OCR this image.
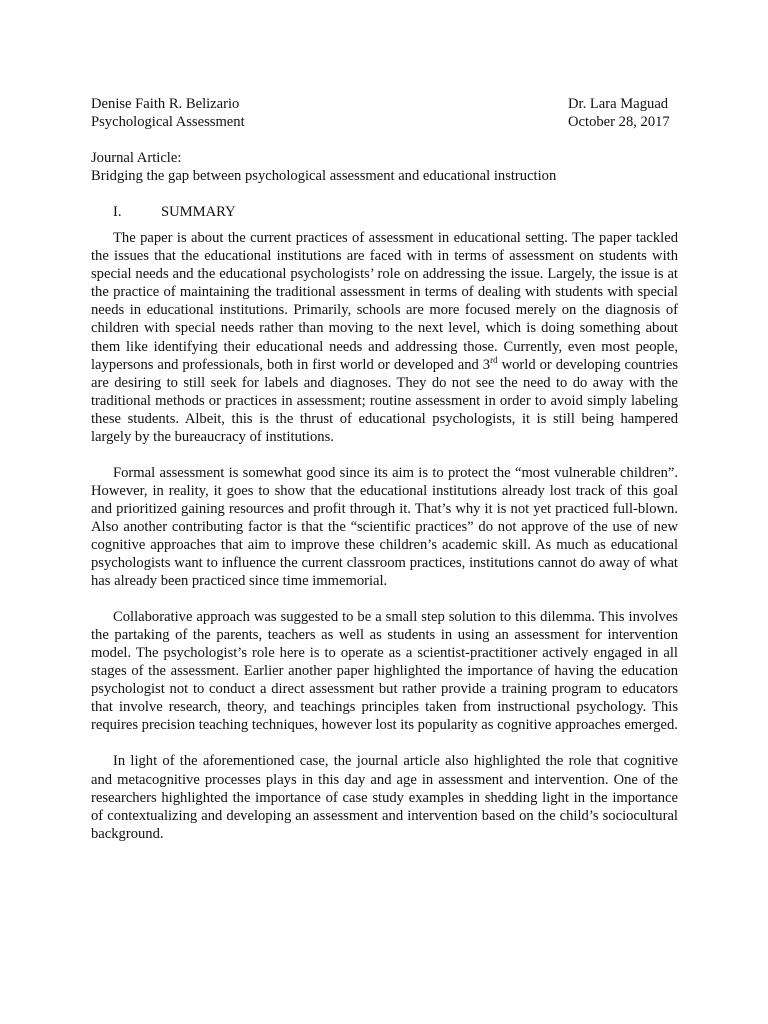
Denise Faith R. Belizario	Dr. Lara Maguad
Psychological Assessment	October 28, 2017
Journal Article:
Bridging the gap between psychological assessment and educational instruction
I.	SUMMARY

The paper is about the current practices of assessment in educational setting. The paper tackled the issues that the educational institutions are faced with in terms of assessment on students with special needs and the educational psychologists’ role on addressing the issue. Largely, the issue is at the practice of maintaining the traditional assessment in terms of dealing with students with special needs in educational institutions. Primarily, schools are more focused merely on the diagnosis of children with special needs rather than moving to the next level, which is doing something about them like identifying their educational needs and addressing those. Currently, even most people, laypersons and professionals, both in first world or developed and 3rd world or developing countries are desiring to still seek for labels and diagnoses. They do not see the need to do away with the traditional methods or practices in assessment; routine assessment in order to avoid simply labeling these students. Albeit, this is the thrust of educational psychologists, it is still being hampered largely by the bureaucracy of institutions.

Formal assessment is somewhat good since its aim is to protect the “most vulnerable children”. However, in reality, it goes to show that the educational institutions already lost track of this goal and prioritized gaining resources and profit through it. That’s why it is not yet practiced full-blown. Also another contributing factor is that the “scientific practices” do not approve of the use of new cognitive approaches that aim to improve these children’s academic skill. As much as educational psychologists want to influence the current classroom practices, institutions cannot do away of what has already been practiced since time immemorial.

Collaborative approach was suggested to be a small step solution to this dilemma. This involves the partaking of the parents, teachers as well as students in using an assessment for intervention model. The psychologist’s role here is to operate as a scientist-practitioner actively engaged in all stages of the assessment. Earlier another paper highlighted the importance of having the education psychologist not to conduct a direct assessment but rather provide a training program to educators that involve research, theory, and teachings principles taken from instructional psychology. This requires precision teaching techniques, however lost its popularity as cognitive approaches emerged.

In light of the aforementioned case, the journal article also highlighted the role that cognitive and metacognitive processes plays in this day and age in assessment and intervention. One of the researchers highlighted the importance of case study examples in shedding light in the importance of contextualizing and developing an assessment and intervention based on the child’s sociocultural background.
